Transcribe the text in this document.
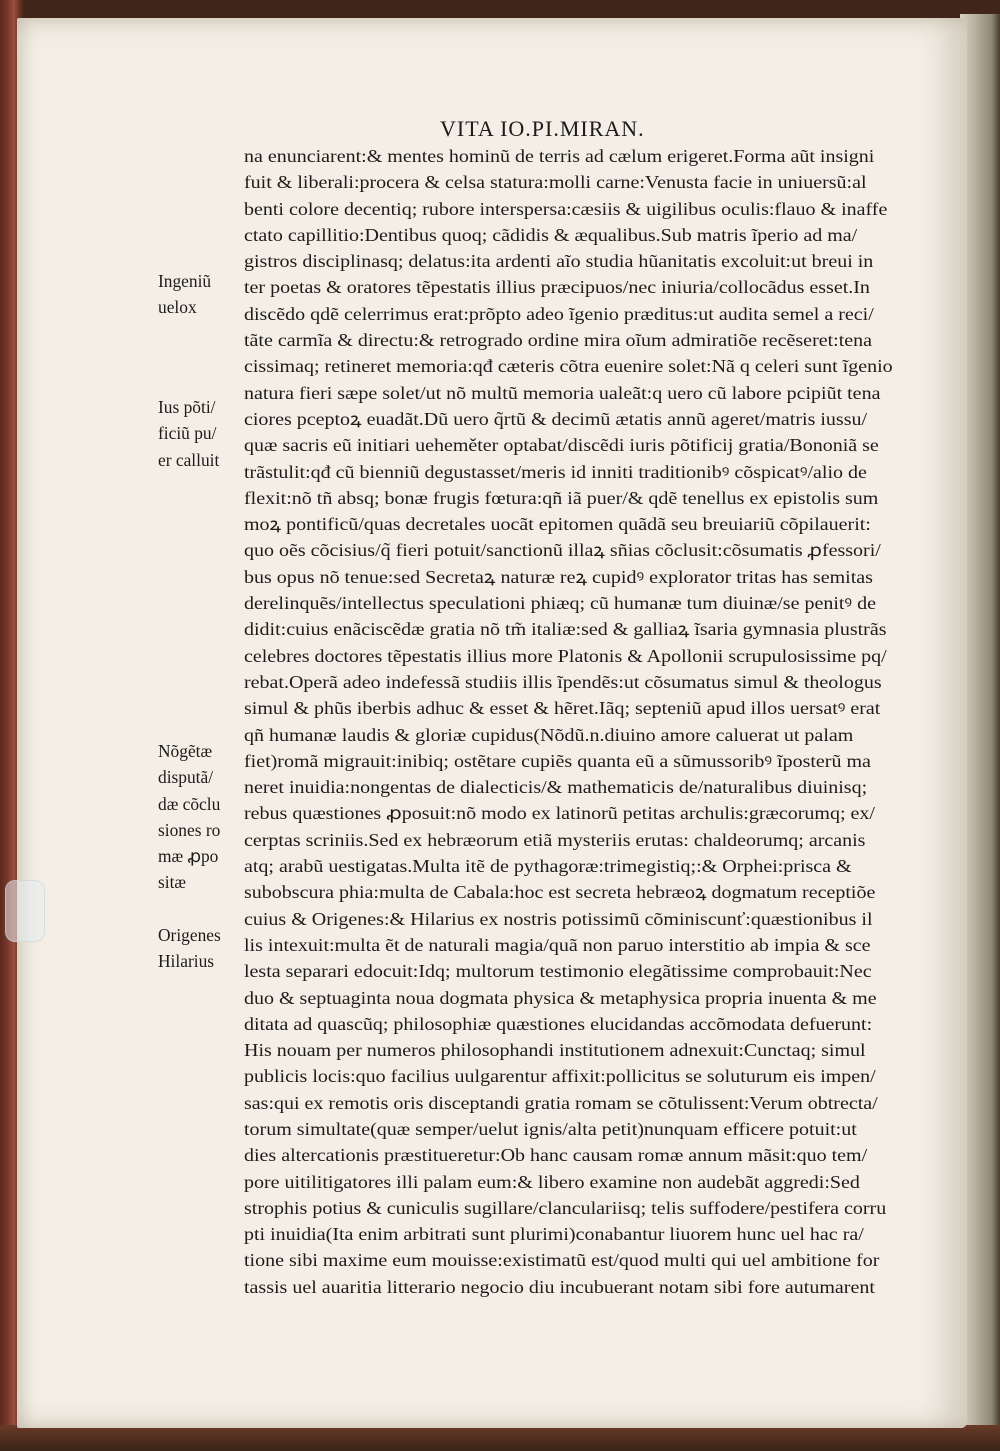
VITA IO.PI.MIRAN.
na enunciarent:& mentes hominũ de terris ad cælum erigeret.Forma aũt insigni
fuit & liberali:procera & celsa statura:molli carne:Venusta facie in uniuersũ:al
benti colore decentiq; rubore interspersa:cæsiis & uigilibus oculis:flauo & inaffe
ctato capillitio:Dentibus quoq; cãdidis & æqualibus.Sub matris ĩperio ad ma/
gistros disciplinasq; delatus:ita ardenti aĩo studia hũanitatis excoluit:ut breui in
ter poetas & oratores tẽpestatis illius præcipuos/nec iniuria/collocãdus esset.In
discẽdo qdẽ celerrimus erat:prõpto adeo ĩgenio præditus:ut audita semel a reci/
tãte carmĩa & directu:& retrogrado ordine mira oĩum admiratiõe recẽseret:tena
cissimaq; retineret memoria:qđ cæteris cõtra euenire solet:Nã q celeri sunt ĩgenio
natura fieri sæpe solet/ut nõ multũ memoria ualeãt:q uero cũ labore pcipiũt tena
ciores pceptoꝝ euadãt.Dũ uero q̃rtũ & decimũ ætatis annũ ageret/matris iussu/
quæ sacris eũ initiari ueheměter optabat/discẽdi iuris põtificij gratia/Bononiã se
trãstulit:qđ cũ bienniũ degustasset/meris id inniti traditionibꝰ cõspicatꝰ/alio de
flexit:nõ tñ absq; bonæ frugis fœtura:qñ iã puer/& qdẽ tenellus ex epistolis sum
moꝝ pontificũ/quas decretales uocãt epitomen quãdã seu breuiariũ cõpilauerit:
quo oẽs cõcisius/q̃ fieri potuit/sanctionũ illaꝝ sñias cõclusit:cõsumatis ꝓfessori/
bus opus nõ tenue:sed Secretaꝝ naturæ reꝝ cupidꝰ explorator tritas has semitas
derelinquẽs/intellectus speculationi phiæq; cũ humanæ tum diuinæ/se penitꝰ de
didit:cuius enãciscẽdæ gratia nõ tm̃ italiæ:sed & galliaꝝ ĩsaria gymnasia plustrãs
celebres doctores tẽpestatis illius more Platonis & Apollonii scrupulosissime pq/
rebat.Operã adeo indefessã studiis illis ĩpendẽs:ut cõsumatus simul & theologus
simul & phũs iberbis adhuc & esset & hẽret.Iãq; septeniũ apud illos uersatꝰ erat
qñ humanæ laudis & gloriæ cupidus(Nõdũ.n.diuino amore caluerat ut palam
fiet)romã migrauit:inibiq; ostẽtare cupiẽs quanta eũ a sũmussoribꝰ ĩposterũ ma
neret inuidia:nongentas de dialecticis/& mathematicis de/naturalibus diuinisq;
rebus quæstiones ꝓposuit:nõ modo ex latinorũ petitas archulis:græcorumq; ex/
cerptas scriniis.Sed ex hebræorum etiã mysteriis erutas: chaldeorumq; arcanis
atq; arabũ uestigatas.Multa itẽ de pythagoræ:trimegistiq;:& Orphei:prisca &
subobscura phia:multa de Cabala:hoc est secreta hebræoꝝ dogmatum receptiõe
cuius & Origenes:& Hilarius ex nostris potissimũ cõminiscunť:quæstionibus il
lis intexuit:multa ẽt de naturali magia/quã non paruo interstitio ab impia & sce
lesta separari edocuit:Idq; multorum testimonio elegãtissime comprobauit:Nec
duo & septuaginta noua dogmata physica & metaphysica propria inuenta & me
ditata ad quascũq; philosophiæ quæstiones elucidandas accõmodata defuerunt:
His nouam per numeros philosophandi institutionem adnexuit:Cunctaq; simul
publicis locis:quo facilius uulgarentur affixit:pollicitus se soluturum eis impen/
sas:qui ex remotis oris disceptandi gratia romam se cõtulissent:Verum obtrecta/
torum simultate(quæ semper/uelut ignis/alta petit)nunquam efficere potuit:ut
dies altercationis præstitueretur:Ob hanc causam romæ annum mãsit:quo tem/
pore uitilitigatores illi palam eum:& libero examine non audebãt aggredi:Sed
strophis potius & cuniculis sugillare/clanculariisq; telis suffodere/pestifera corru
pti inuidia(Ita enim arbitrati sunt plurimi)conabantur liuorem hunc uel hac ra/
tione sibi maxime eum mouisse:existimatũ est/quod multi qui uel ambitione for
tassis uel auaritia litterario negocio diu incubuerant notam sibi fore autumarent
Ingeniũ
uelox
Ius põti/
ficiũ pu/
er calluit
Nõgẽtæ
disputã/
dæ cõclu
siones ro
mæ ꝓpo
sitæ
Origenes
Hilarius
